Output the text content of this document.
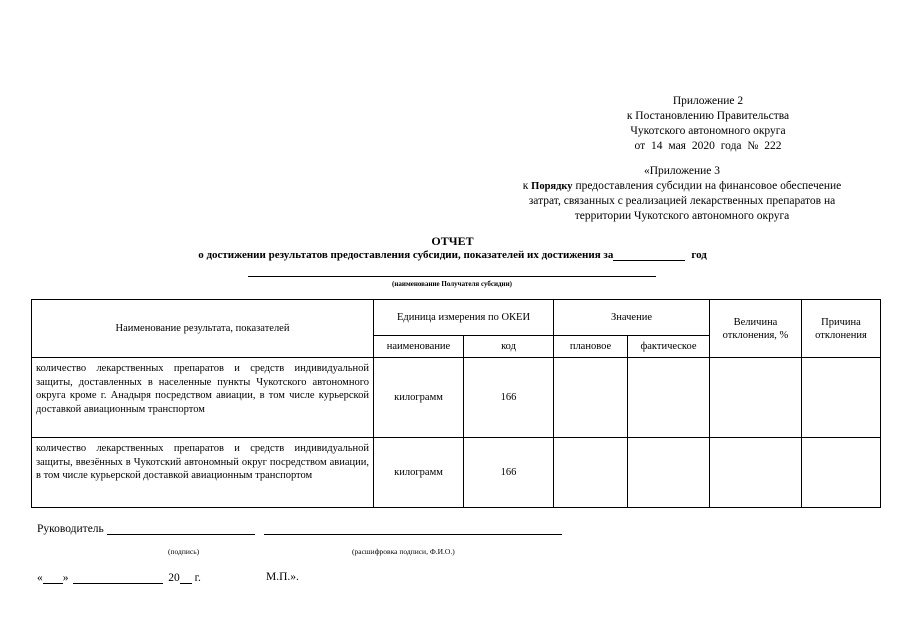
Приложение 2
к Постановлению Правительства
Чукотского автономного округа
от 14 мая 2020 года № 222
«Приложение 3
к Порядку предоставления субсидии на финансовое обеспечение
затрат, связанных с реализацией лекарственных препаратов на
территории Чукотского автономного округа
ОТЧЕТ
о достижении результатов предоставления субсидии, показателей их достижения за	год
(наименование Получателя субсидии)
Наименование результата, показателей	Единица измерения по ОКЕИ		Значение		Величина отклонения, %	Причина отклонения
	наименование	код	плановое	фактическое		
количество лекарственных препаратов и средств индивидуальной защиты, доставленных в населенные пункты Чукотского автономного округа кроме г. Анадыря посредством авиации, в том числе курьерской доставкой авиационным транспортом	килограмм	166				
количество лекарственных препаратов и средств индивидуальной защиты, ввезённых в Чукотский автономный округ посредством авиации, в том числе курьерской доставкой авиационным транспортом	килограмм	166				
Руководитель
(подпись)	(расшифровка подписи, Ф.И.О.)
« »	20 г.	М.П.».
